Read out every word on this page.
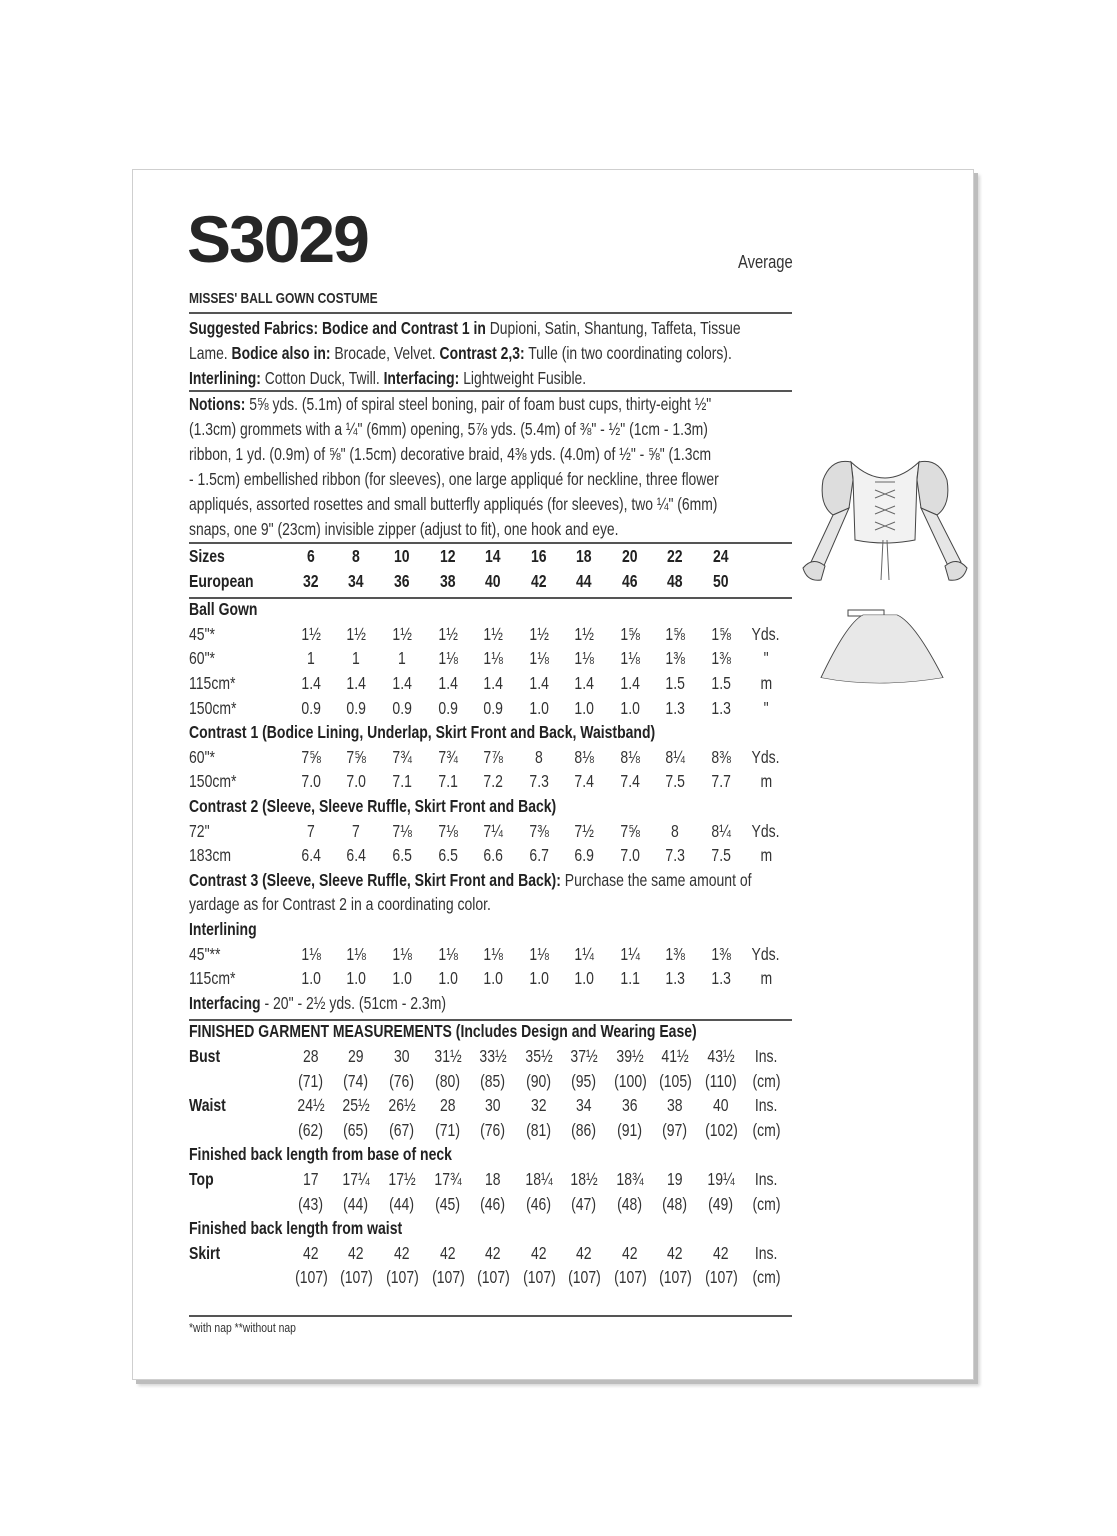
S3029	Average
MISSES' BALL GOWN COSTUME
Suggested Fabrics: Bodice and Contrast 1 in Dupioni, Satin, Shantung, Taffeta, Tissue
Lame. Bodice also in: Brocade, Velvet. Contrast 2,3: Tulle (in two coordinating colors).
Interlining: Cotton Duck, Twill. Interfacing: Lightweight Fusible.
Notions: 5⅝ yds. (5.1m) of spiral steel boning, pair of foam bust cups, thirty-eight ½"
(1.3cm) grommets with a ¼" (6mm) opening, 5⅞ yds. (5.4m) of ⅜" - ½" (1cm - 1.3m)
ribbon, 1 yd. (0.9m) of ⅝" (1.5cm) decorative braid, 4⅜ yds. (4.0m) of ½" - ⅝" (1.3cm
- 1.5cm) embellished ribbon (for sleeves), one large appliqué for neckline, three flower
appliqués, assorted rosettes and small butterfly appliqués (for sleeves), two ¼" (6mm)
snaps, one 9" (23cm) invisible zipper (adjust to fit), one hook and eye.
Sizes	6	8	10	12	14	16	18	20	22	24
European	32	34	36	38	40	42	44	46	48	50
Ball Gown
45"*	1½	1½	1½	1½	1½	1½	1½	1⅝	1⅝	1⅝	Yds.
60"*	1	1	1	1⅛	1⅛	1⅛	1⅛	1⅛	1⅜	1⅜	"
115cm*	1.4	1.4	1.4	1.4	1.4	1.4	1.4	1.4	1.5	1.5	m
150cm*	0.9	0.9	0.9	0.9	0.9	1.0	1.0	1.0	1.3	1.3	"
Contrast 1 (Bodice Lining, Underlap, Skirt Front and Back, Waistband)
60"*	7⅝	7⅝	7¾	7¾	7⅞	8	8⅛	8⅛	8¼	8⅜	Yds.
150cm*	7.0	7.0	7.1	7.1	7.2	7.3	7.4	7.4	7.5	7.7	m
Contrast 2 (Sleeve, Sleeve Ruffle, Skirt Front and Back)
72"	7	7	7⅛	7⅛	7¼	7⅜	7½	7⅝	8	8¼	Yds.
183cm	6.4	6.4	6.5	6.5	6.6	6.7	6.9	7.0	7.3	7.5	m
Contrast 3 (Sleeve, Sleeve Ruffle, Skirt Front and Back): Purchase the same amount of
yardage as for Contrast 2 in a coordinating color.
Interlining
45"**	1⅛	1⅛	1⅛	1⅛	1⅛	1⅛	1¼	1¼	1⅜	1⅜	Yds.
115cm*	1.0	1.0	1.0	1.0	1.0	1.0	1.0	1.1	1.3	1.3	m
Interfacing - 20" - 2½ yds. (51cm - 2.3m)
FINISHED GARMENT MEASUREMENTS (Includes Design and Wearing Ease)
Bust	28	29	30	31½	33½	35½	37½	39½	41½	43½	Ins.
(71)	(74)	(76)	(80)	(85)	(90)	(95) (100) (105) (110) (cm)
Waist	24½	25½	26½	28	30	32	34	36	38	40	Ins.
(62)	(65)	(67)	(71)	(76)	(81)	(86)	(91)	(97) (102) (cm)
Finished back length from base of neck
Top	17	17¼	17½	17¾	18	18¼	18½	18¾	19	19¼	Ins.
(43)	(44)	(44)	(45)	(46)	(46)	(47)	(48)	(48)	(49)	(cm)
Finished back length from waist
Skirt	42	42	42	42	42	42	42	42	42	42	Ins.
(107) (107) (107) (107) (107) (107) (107) (107) (107) (107) (cm)
*with nap **without nap
